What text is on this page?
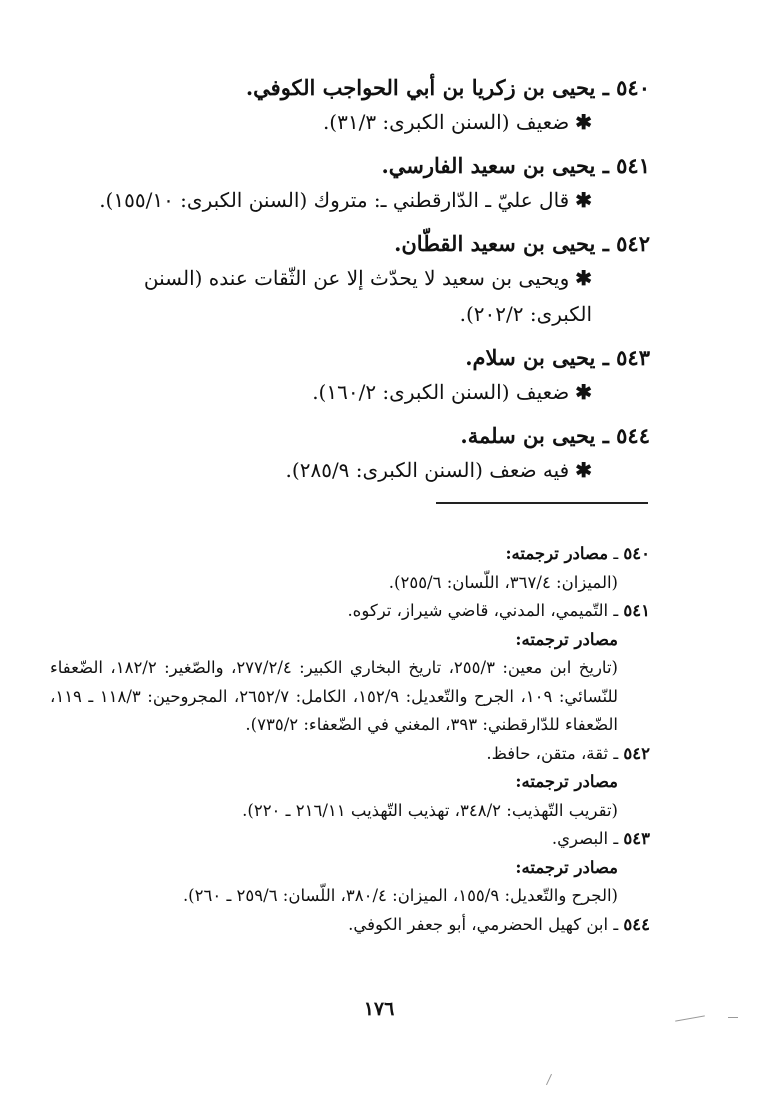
٥٤٠ ـ يحيى بن زكريا بن أبي الحواجب الكوفي.
✱ضعيف (السنن الكبرى: ٣١/٣).
٥٤١ ـ يحيى بن سعيد الفارسي.
✱قال عليّ ـ الدّارقطني ـ: متروك (السنن الكبرى: ١٥٥/١٠).
٥٤٢ ـ يحيى بن سعيد القطّان.
✱ويحيى بن سعيد لا يحدّث إلا عن الثّقات عنده (السنن الكبرى: ٢٠٢/٢).
٥٤٣ ـ يحيى بن سلام.
✱ضعيف (السنن الكبرى: ١٦٠/٢).
٥٤٤ ـ يحيى بن سلمة.
✱فيه ضعف (السنن الكبرى: ٢٨٥/٩).
٥٤٠ ـ مصادر ترجمته:
(الميزان: ٣٦٧/٤، اللّسان: ٢٥٥/٦).
٥٤١ ـ التّميمي، المدني، قاضي شيراز، تركوه.
مصادر ترجمته:
(تاريخ ابن معين: ٢٥٥/٣، تاريخ البخاري الكبير: ٢٧٧/٢/٤، والصّغير: ١٨٢/٢، الضّعفاء للنّسائي: ١٠٩، الجرح والتّعديل: ١٥٢/٩، الكامل: ٢٦٥٢/٧، المجروحين: ١١٨/٣ ـ ١١٩، الضّعفاء للدّارقطني: ٣٩٣، المغني في الضّعفاء: ٧٣٥/٢).
٥٤٢ ـ ثقة، متقن، حافظ.
مصادر ترجمته:
(تقريب التّهذيب: ٣٤٨/٢، تهذيب التّهذيب ٢١٦/١١ ـ ٢٢٠).
٥٤٣ ـ البصري.
مصادر ترجمته:
(الجرح والتّعديل: ١٥٥/٩، الميزان: ٣٨٠/٤، اللّسان: ٢٥٩/٦ ـ ٢٦٠).
٥٤٤ ـ ابن كهيل الحضرمي، أبو جعفر الكوفي.
١٧٦
